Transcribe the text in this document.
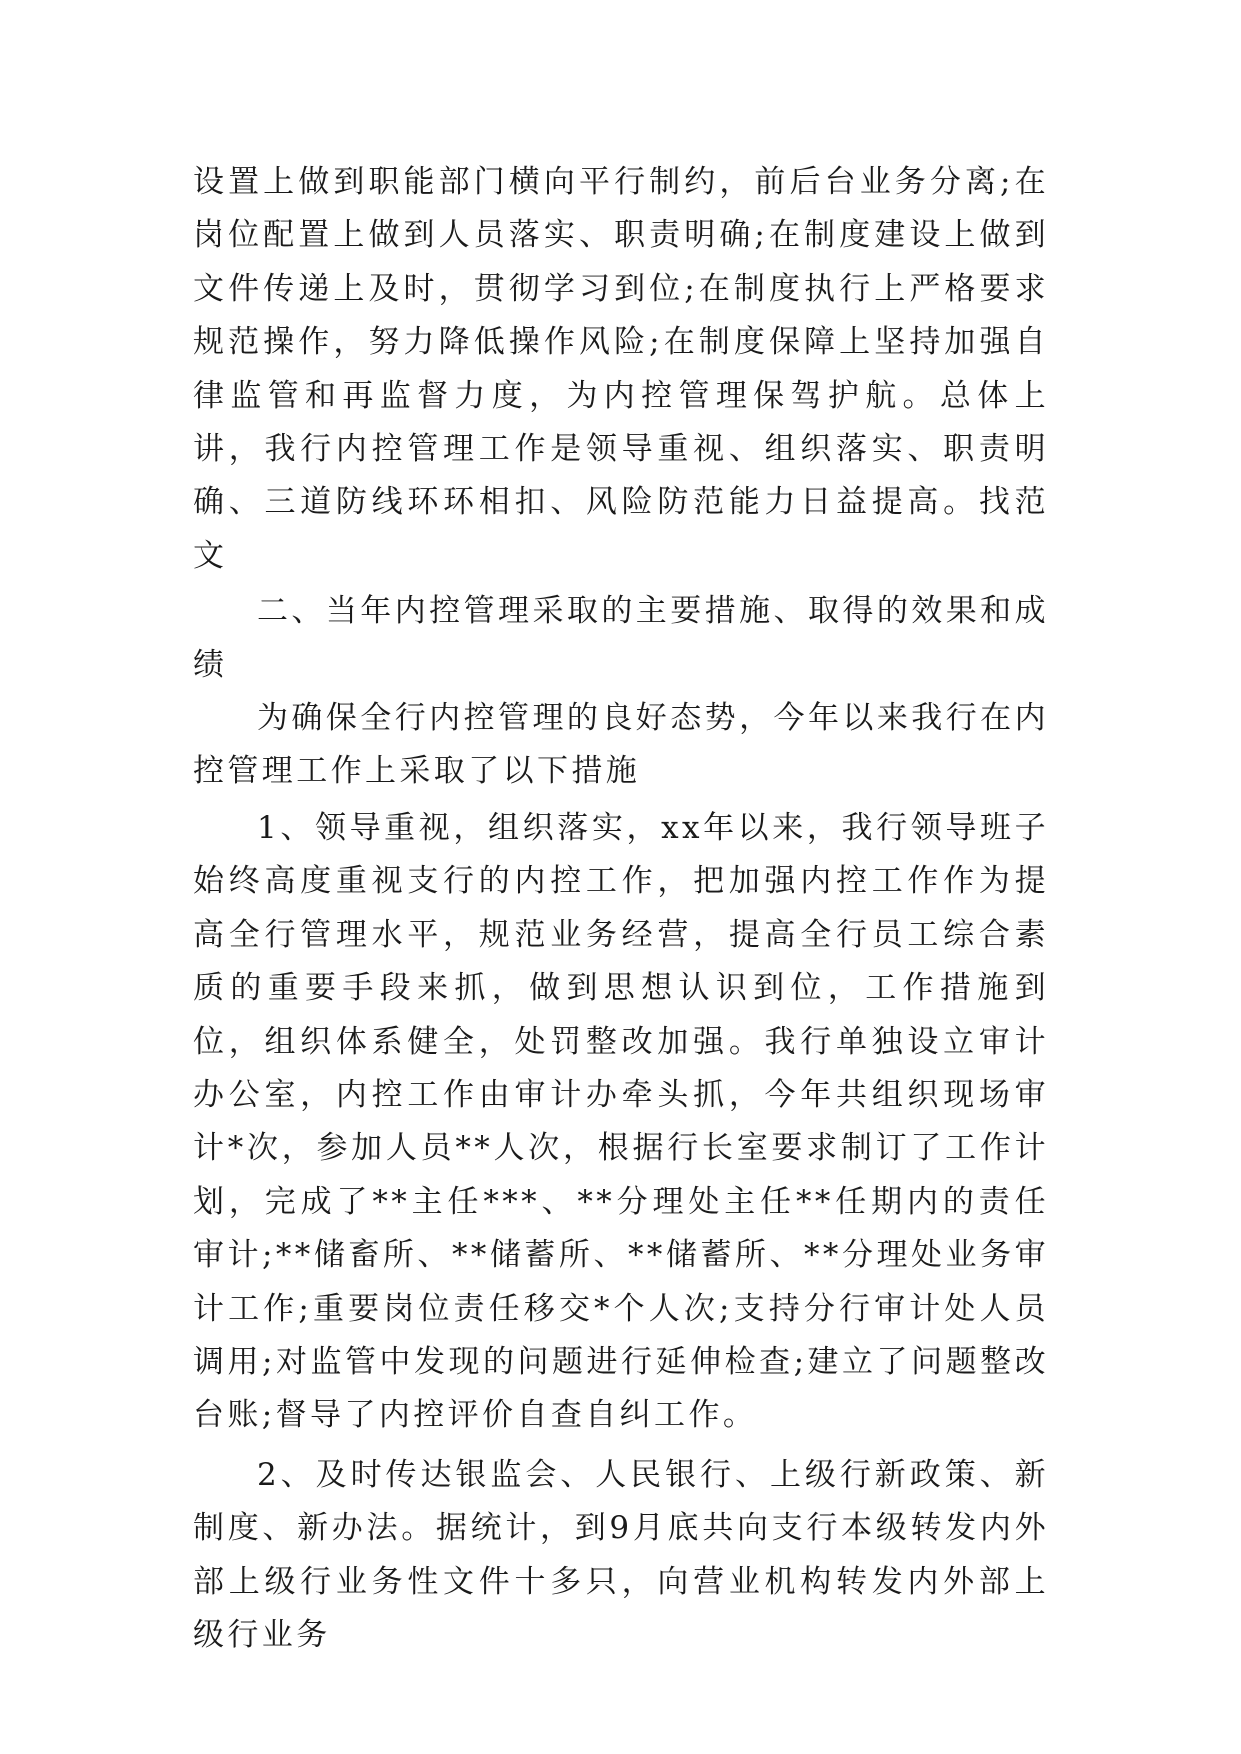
设置上做到职能部门横向平行制约，前后台业务分离;在岗位配置上做到人员落实、职责明确;在制度建设上做到文件传递上及时，贯彻学习到位;在制度执行上严格要求规范操作，努力降低操作风险;在制度保障上坚持加强自律监管和再监督力度，为内控管理保驾护航。总体上讲，我行内控管理工作是领导重视、组织落实、职责明确、三道防线环环相扣、风险防范能力日益提高。找范文

二、当年内控管理采取的主要措施、取得的效果和成绩

为确保全行内控管理的良好态势，今年以来我行在内控管理工作上采取了以下措施

1、领导重视，组织落实，xx年以来，我行领导班子始终高度重视支行的内控工作，把加强内控工作作为提高全行管理水平，规范业务经营，提高全行员工综合素质的重要手段来抓，做到思想认识到位，工作措施到位，组织体系健全，处罚整改加强。我行单独设立审计办公室，内控工作由审计办牵头抓，今年共组织现场审计*次，参加人员**人次，根据行长室要求制订了工作计划，完成了**主任***、**分理处主任**任期内的责任审计;**储畜所、**储蓄所、**储蓄所、**分理处业务审计工作;重要岗位责任移交*个人次;支持分行审计处人员调用;对监管中发现的问题进行延伸检查;建立了问题整改台账;督导了内控评价自查自纠工作。

2、及时传达银监会、人民银行、上级行新政策、新制度、新办法。据统计，到9月底共向支行本级转发内外部上级行业务性文件十多只，向营业机构转发内外部上级行业务
